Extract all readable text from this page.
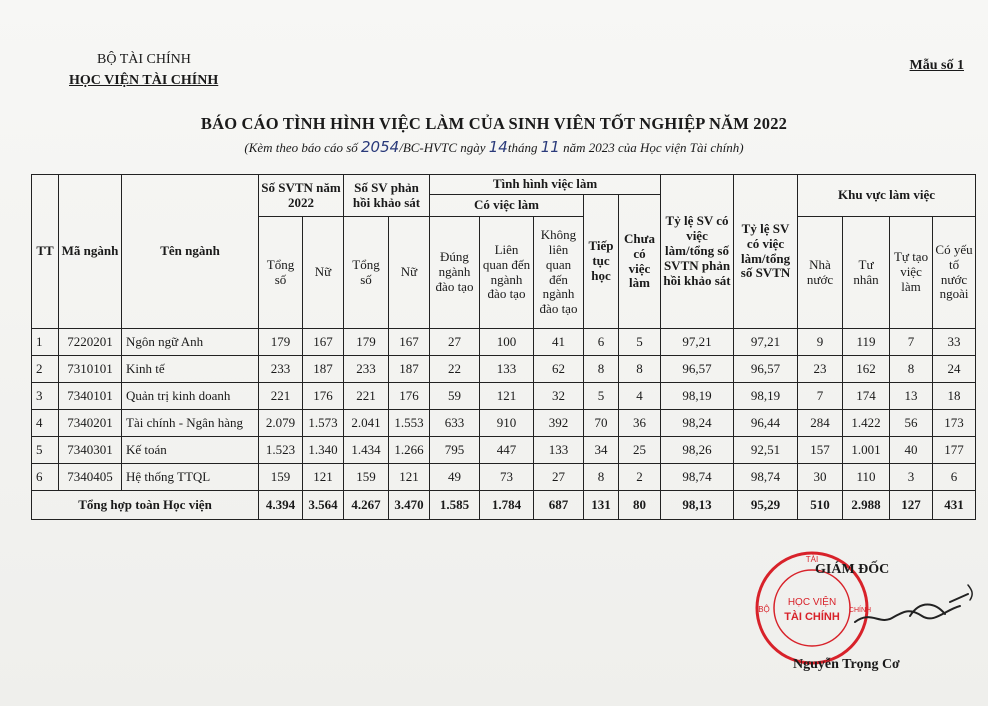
BỘ TÀI CHÍNH
HỌC VIỆN TÀI CHÍNH
Mẫu số 1
BÁO CÁO TÌNH HÌNH VIỆC LÀM CỦA SINH VIÊN TỐT NGHIỆP NĂM 2022
(Kèm theo báo cáo số 2054/BC-HVTC ngày 14tháng 11 năm 2023 của Học viện Tài chính)
TT	Mã ngành	Tên ngành	Số SVTN năm 2022		Số SV phản hồi khảo sát		Tình hình việc làm					Tỷ lệ SV có việc làm/tổng số SVTN phản hồi khảo sát	Tỷ lệ SV có việc làm/tổng số SVTN	Khu vực làm việc			
							Có việc làm			Tiếp tục học	Chưa có việc làm						
			Tổng số	Nữ	Tổng số	Nữ	Đúng ngành đào tạo	Liên quan đến ngành đào tạo	Không liên quan đến ngành đào tạo					Nhà nước	Tư nhân	Tự tạo việc làm	Có yếu tố nước ngoài
1	7220201	Ngôn ngữ Anh	179	167	179	167	27	100	41	6	5	97,21	97,21	9	119	7	33
2	7310101	Kinh tế	233	187	233	187	22	133	62	8	8	96,57	96,57	23	162	8	24
3	7340101	Quản trị kinh doanh	221	176	221	176	59	121	32	5	4	98,19	98,19	7	174	13	18
4	7340201	Tài chính - Ngân hàng	2.079	1.573	2.041	1.553	633	910	392	70	36	98,24	96,44	284	1.422	56	173
5	7340301	Kế toán	1.523	1.340	1.434	1.266	795	447	133	34	25	98,26	92,51	157	1.001	40	177
6	7340405	Hệ thống TTQL	159	121	159	121	49	73	27	8	2	98,74	98,74	30	110	3	6
Tổng hợp toàn Học viện			4.394	3.564	4.267	3.470	1.585	1.784	687	131	80	98,13	95,29	510	2.988	127	431
TÀI
BỘ	CHÍNH
HỌC VIỆN
TÀI CHÍNH
GIÁM ĐỐC
Nguyễn Trọng Cơ
